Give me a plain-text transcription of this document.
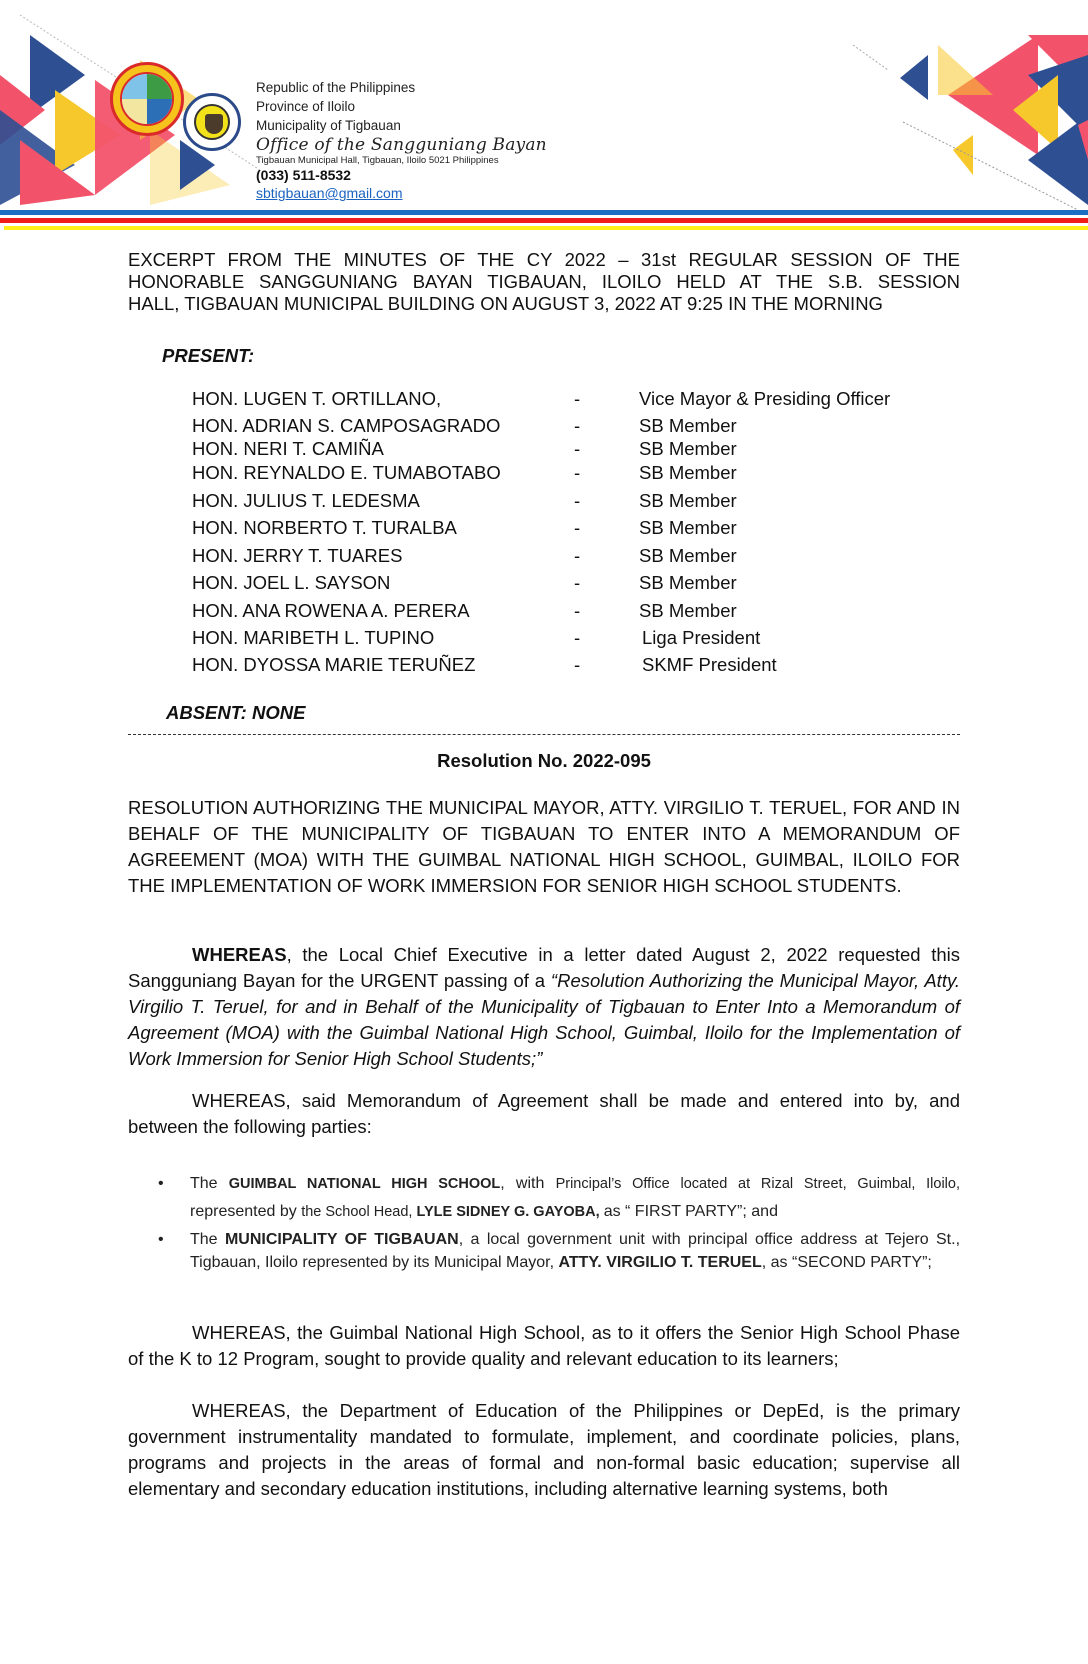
Republic of the Philippines
Province of Iloilo
Municipality of Tigbauan
Office of the Sangguniang Bayan
Tigbauan Municipal Hall, Tigbauan, Iloilo 5021 Philippines
(033) 511-8532
sbtigbauan@gmail.com

EXCERPT FROM THE MINUTES OF THE CY 2022 – 31st REGULAR SESSION OF THE

HONORABLE SANGGUNIANG BAYAN TIGBAUAN, ILOILO HELD AT THE S.B. SESSION

HALL, TIGBAUAN MUNICIPAL BUILDING ON AUGUST 3, 2022 AT 9:25 IN THE MORNING

PRESENT:
HON. LUGEN T. ORTILLANO,	-	Vice Mayor & Presiding Officer
HON. ADRIAN S. CAMPOSAGRADO	-	SB Member
HON. NERI T. CAMIÑA	-	SB Member
HON. REYNALDO E. TUMABOTABO	-	SB Member
HON. JULIUS T. LEDESMA	-	SB Member
HON. NORBERTO T. TURALBA	-	SB Member
HON. JERRY T. TUARES	-	SB Member
HON. JOEL L. SAYSON	-	SB Member
HON. ANA ROWENA A. PERERA	-	SB Member
HON. MARIBETH L. TUPINO	-	Liga President
HON. DYOSSA MARIE TERUÑEZ	-	SKMF President
ABSENT: NONE
Resolution No. 2022-095

RESOLUTION AUTHORIZING THE MUNICIPAL MAYOR, ATTY. VIRGILIO T. TERUEL, FOR AND IN BEHALF OF THE MUNICIPALITY OF TIGBAUAN TO ENTER INTO A MEMORANDUM OF AGREEMENT (MOA) WITH THE GUIMBAL NATIONAL HIGH SCHOOL, GUIMBAL, ILOILO FOR THE IMPLEMENTATION OF WORK IMMERSION FOR SENIOR HIGH SCHOOL STUDENTS.

WHEREAS, the Local Chief Executive in a letter dated August 2, 2022 requested this Sangguniang Bayan for the URGENT passing of a “Resolution Authorizing the Municipal Mayor, Atty. Virgilio T. Teruel, for and in Behalf of the Municipality of Tigbauan to Enter Into a Memorandum of Agreement (MOA) with the Guimbal National High School, Guimbal, Iloilo for the Implementation of Work Immersion for Senior High School Students;”

WHEREAS, said Memorandum of Agreement shall be made and entered into by, and between the following parties:

• The GUIMBAL NATIONAL HIGH SCHOOL, with Principal’s Office located at Rizal Street, Guimbal, Iloilo, represented by the School Head, LYLE SIDNEY G. GAYOBA, as “ FIRST PARTY”; and
• The MUNICIPALITY OF TIGBAUAN, a local government unit with principal office address at Tejero St., Tigbauan, Iloilo represented by its Municipal Mayor, ATTY. VIRGILIO T. TERUEL, as “SECOND PARTY”;

WHEREAS, the Guimbal National High School, as to it offers the Senior High School Phase of the K to 12 Program, sought to provide quality and relevant education to its learners;

WHEREAS, the Department of Education of the Philippines or DepEd, is the primary government instrumentality mandated to formulate, implement, and coordinate policies, plans, programs and projects in the areas of formal and non-formal basic education; supervise all elementary and secondary education institutions, including alternative learning systems, both
